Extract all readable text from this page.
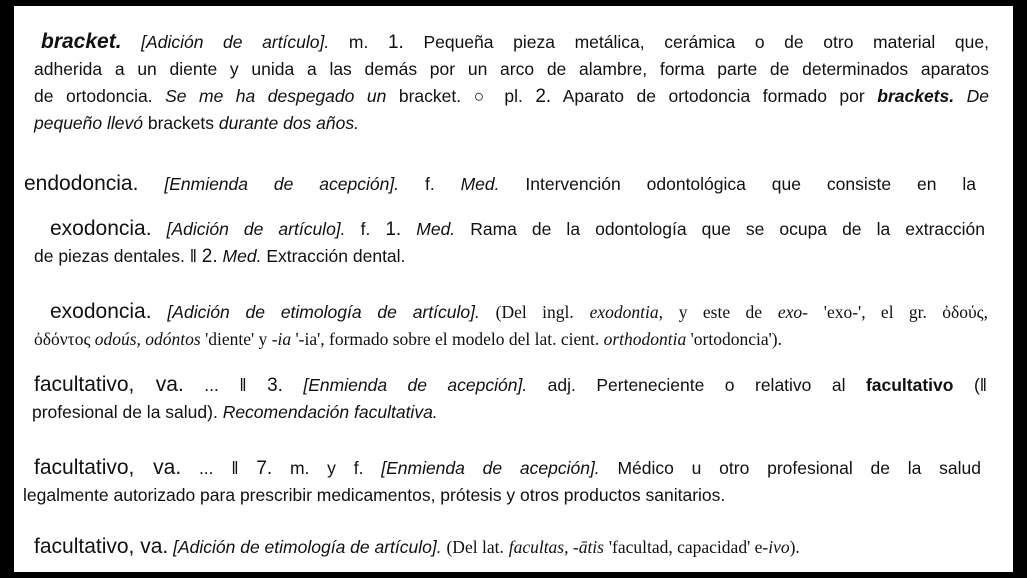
bracket. [Adición de artículo]. m. 1. Pequeña pieza metálica, cerámica o de otro material que,
adherida a un diente y unida a las demás por un arco de alambre, forma parte de determinados aparatos
de ortodoncia. Se me ha despegado un bracket. ○ pl. 2. Aparato de ortodoncia formado por brackets. De
pequeño llevó brackets durante dos años.
endodoncia. [Enmienda de acepción]. f. Med. Intervención odontológica que consiste en la
exodoncia. [Adición de artículo]. f. 1. Med. Rama de la odontología que se ocupa de la extracción
de piezas dentales. ‖ 2. Med. Extracción dental.
exodoncia. [Adición de etimología de artículo]. (Del ingl. exodontia, y este de exo- 'exo-', el gr. ὀδούς,
ὀδόντος odoús, odóntos 'diente' y -ia '-ia', formado sobre el modelo del lat. cient. orthodontia 'ortodoncia').
facultativo, va. ... ‖ 3. [Enmienda de acepción]. adj. Perteneciente o relativo al facultativo (‖
profesional de la salud). Recomendación facultativa.
facultativo, va. ... ‖ 7. m. y f. [Enmienda de acepción]. Médico u otro profesional de la salud
legalmente autorizado para prescribir medicamentos, prótesis y otros productos sanitarios.
facultativo, va. [Adición de etimología de artículo]. (Del lat. facultas, -ātis 'facultad, capacidad' e-ivo).
